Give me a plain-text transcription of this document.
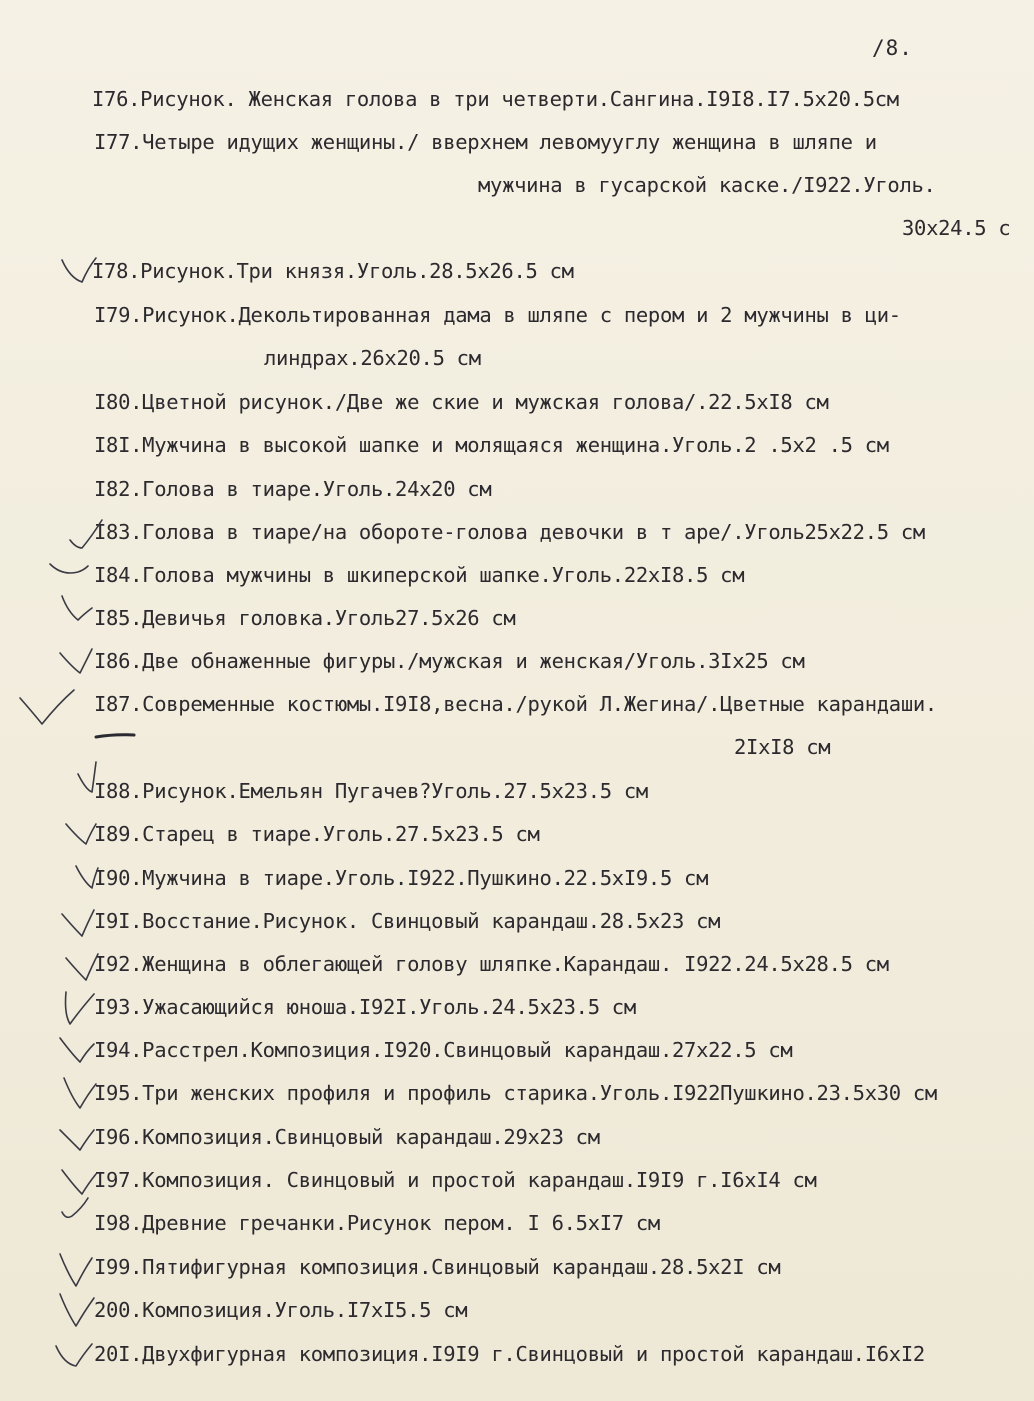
/8.
I76.Рисунок. Женская голова в три четверти.Сангина.I9I8.I7.5x20.5см
I77.Четыре идущих женщины./ вверхнем левомууглу женщина в шляпе и
мужчина в гусарской каске./I922.Уголь.
30x24.5 с
I78.Рисунок.Три князя.Уголь.28.5x26.5 см
I79.Рисунок.Декольтированная дама в шляпе с пером и 2 мужчины в ци-
линдрах.26x20.5 см
I80.Цветной рисунок./Две же ские и мужская голова/.22.5xI8 см
I8I.Мужчина в высокой шапке и молящаяся женщина.Уголь.2 .5x2 .5 см
I82.Голова в тиаре.Уголь.24x20 см
I83.Голова в тиаре/на обороте-голова девочки в т аре/.Уголь25x22.5 см
I84.Голова мужчины в шкиперской шапке.Уголь.22xI8.5 см
I85.Девичья головка.Уголь27.5x26 см
I86.Две обнаженные фигуры./мужская и женская/Уголь.3Ix25 см
I87.Современные костюмы.I9I8,весна./рукой Л.Жегина/.Цветные карандаши.
2IxI8 см
I88.Рисунок.Емельян Пугачев?Уголь.27.5x23.5 см
I89.Старец в тиаре.Уголь.27.5x23.5 см
I90.Мужчина в тиаре.Уголь.I922.Пушкино.22.5xI9.5 см
I9I.Восстание.Рисунок. Свинцовый карандаш.28.5x23 см
I92.Женщина в облегающей голову шляпке.Карандаш. I922.24.5x28.5 см
I93.Ужасающийся юноша.I92I.Уголь.24.5x23.5 см
I94.Расстрел.Композиция.I920.Свинцовый карандаш.27x22.5 см
I95.Три женских профиля и профиль старика.Уголь.I922Пушкино.23.5x30 см
I96.Композиция.Свинцовый карандаш.29x23 см
I97.Композиция. Свинцовый и простой карандаш.I9I9 г.I6xI4 см
I98.Древние гречанки.Рисунок пером. I 6.5xI7 см
I99.Пятифигурная композиция.Свинцовый карандаш.28.5x2I см
200.Композиция.Уголь.I7xI5.5 см
20I.Двухфигурная композиция.I9I9 г.Свинцовый и простой карандаш.I6xI2
